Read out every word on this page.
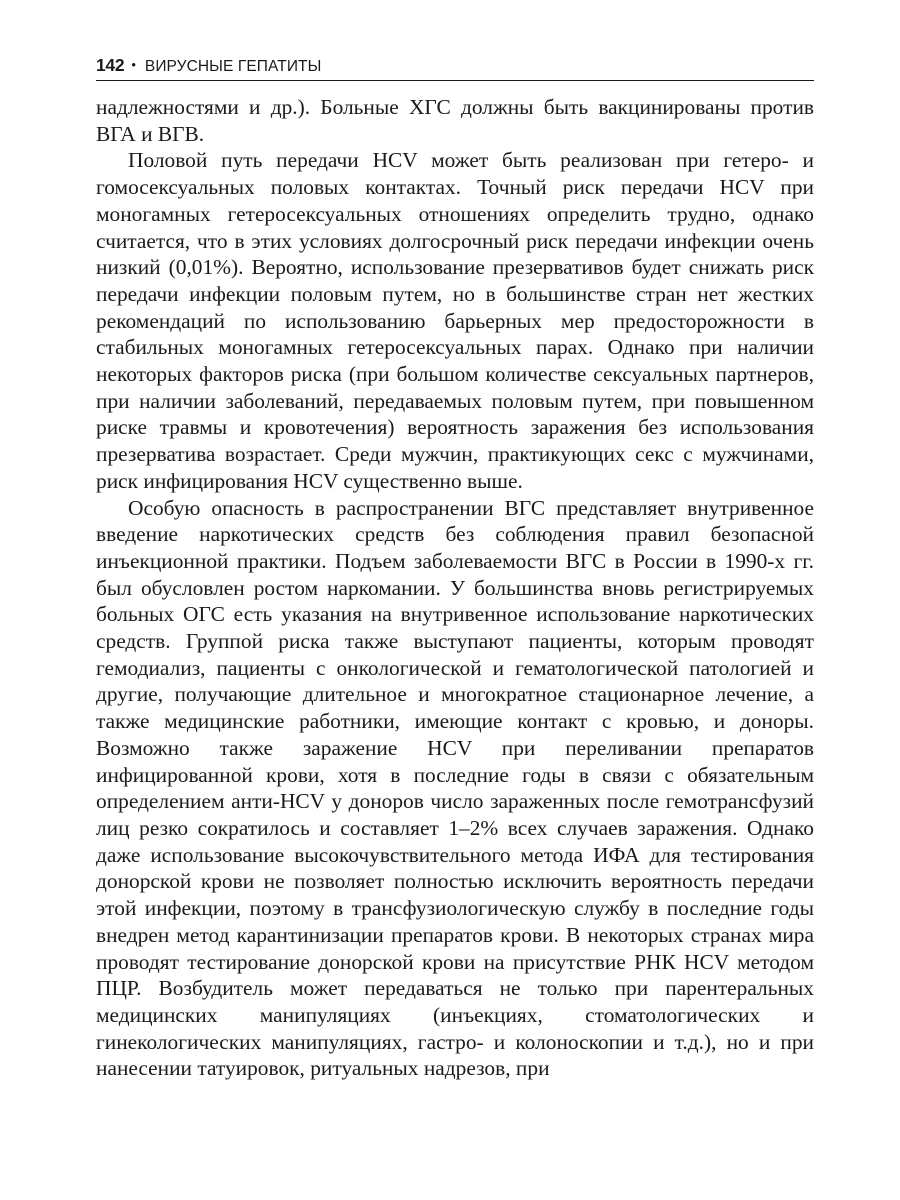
142 • ВИРУСНЫЕ ГЕПАТИТЫ

надлежностями и др.). Больные ХГС должны быть вакцинированы против ВГА и ВГВ.

Половой путь передачи HCV может быть реализован при гетеро- и гомосексуальных половых контактах. Точный риск передачи HCV при моногамных гетеросексуальных отношениях определить трудно, однако считается, что в этих условиях долгосрочный риск передачи инфекции очень низкий (0,01%). Вероятно, использование презервативов будет снижать риск передачи инфекции половым путем, но в большинстве стран нет жестких рекомендаций по использованию барьерных мер предосторожности в стабильных моногамных гетеросексуальных парах. Однако при наличии некоторых факторов риска (при большом количестве сексуальных партнеров, при наличии заболеваний, передаваемых половым путем, при повышенном риске травмы и кровотечения) вероятность заражения без использования презерватива возрастает. Среди мужчин, практикующих секс с мужчинами, риск инфицирования HCV существенно выше.

Особую опасность в распространении ВГС представляет внутривенное введение наркотических средств без соблюдения правил безопасной инъекционной практики. Подъем заболеваемости ВГС в России в 1990-х гг. был обусловлен ростом наркомании. У большинства вновь регистрируемых больных ОГС есть указания на внутривенное использование наркотических средств. Группой риска также выступают пациенты, которым проводят гемодиализ, пациенты с онкологической и гематологической патологией и другие, получающие длительное и многократное стационарное лечение, а также медицинские работники, имеющие контакт с кровью, и доноры. Возможно также заражение HCV при переливании препаратов инфицированной крови, хотя в последние годы в связи с обязательным определением анти-HCV у доноров число зараженных после гемотрансфузий лиц резко сократилось и составляет 1–2% всех случаев заражения. Однако даже использование высокочувствительного метода ИФА для тестирования донорской крови не позволяет полностью исключить вероятность передачи этой инфекции, поэтому в трансфузиологическую службу в последние годы внедрен метод карантинизации препаратов крови. В некоторых странах мира проводят тестирование донорской крови на присутствие РНК HCV методом ПЦР. Возбудитель может передаваться не только при парентеральных медицинских манипуляциях (инъекциях, стоматологических и гинекологических манипуляциях, гастро- и колоноскопии и т.д.), но и при нанесении татуировок, ритуальных надрезов, при
